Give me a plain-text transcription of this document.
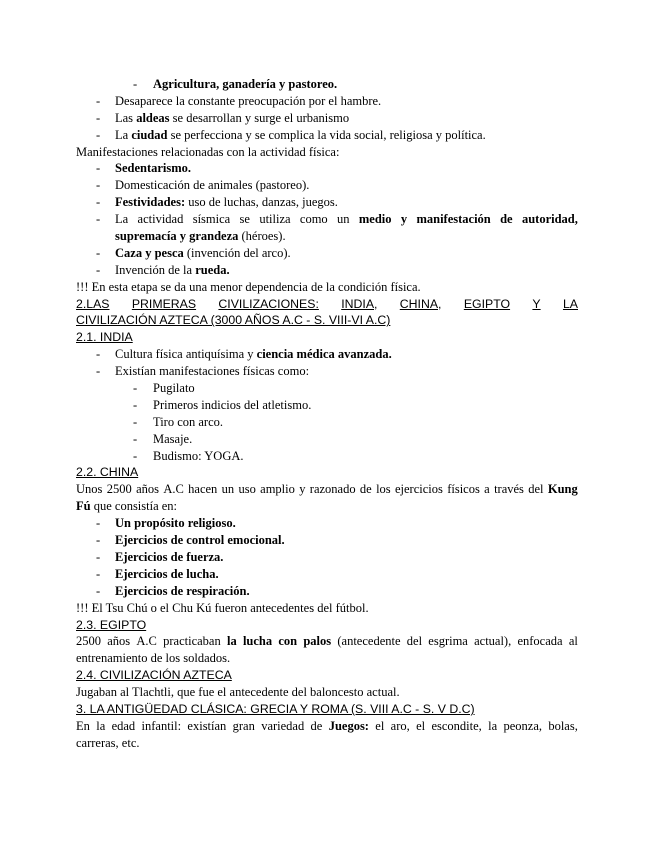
- Agricultura, ganadería y pastoreo.
- Desaparece la constante preocupación por el hambre.
- Las aldeas se desarrollan y surge el urbanismo
- La ciudad se perfecciona y se complica la vida social, religiosa y política.
Manifestaciones relacionadas con la actividad física:
- Sedentarismo.
- Domesticación de animales (pastoreo).
- Festividades: uso de luchas, danzas, juegos.
- La actividad sísmica se utiliza como un medio y manifestación de autoridad,
supremacía y grandeza (héroes).
- Caza y pesca (invención del arco).
- Invención de la rueda.
!!! En esta etapa se da una menor dependencia de la condición física.
2.LAS PRIMERAS CIVILIZACIONES: INDIA, CHINA, EGIPTO Y LA
CIVILIZACIÓN AZTECA (3000 AÑOS A.C - S. VIII-VI A.C)
2.1. INDIA
- Cultura física antiquísima y ciencia médica avanzada.
- Existían manifestaciones físicas como:
- Pugilato
- Primeros indicios del atletismo.
- Tiro con arco.
- Masaje.
- Budismo: YOGA.
2.2. CHINA
Unos 2500 años A.C hacen un uso amplio y razonado de los ejercicios físicos a través del Kung
Fú que consistía en:
- Un propósito religioso.
- Ejercicios de control emocional.
- Ejercicios de fuerza.
- Ejercicios de lucha.
- Ejercicios de respiración.
!!! El Tsu Chú o el Chu Kú fueron antecedentes del fútbol.
2.3. EGIPTO
2500 años A.C practicaban la lucha con palos (antecedente del esgrima actual), enfocada al
entrenamiento de los soldados.
2.4. CIVILIZACIÓN AZTECA
Jugaban al Tlachtli, que fue el antecedente del baloncesto actual.
3. LA ANTIGÜEDAD CLÁSICA: GRECIA Y ROMA (S. VIII A.C - S. V D.C)
En la edad infantil: existían gran variedad de Juegos: el aro, el escondite, la peonza, bolas,
carreras, etc.
